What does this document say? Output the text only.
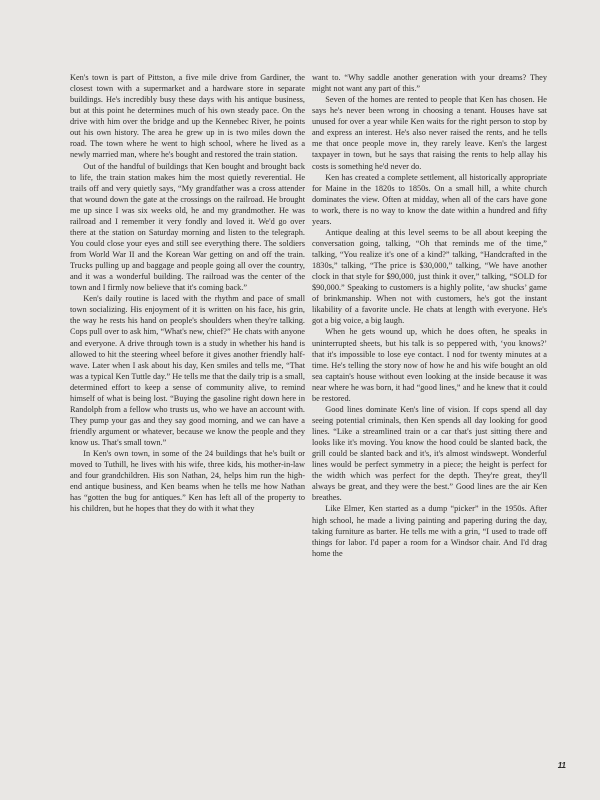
Ken's town is part of Pittston, a five mile drive from Gardiner, the closest town with a supermarket and a hardware store in separate buildings. He's incredibly busy these days with his antique business, but at this point he determines much of his own steady pace. On the drive with him over the bridge and up the Kennebec River, he points out his own history. The area he grew up in is two miles down the road. The town where he went to high school, where he lived as a newly married man, where he's bought and restored the train station.

Out of the handful of buildings that Ken bought and brought back to life, the train station makes him the most quietly reverential. He trails off and very quietly says, “My grandfather was a cross attender that wound down the gate at the crossings on the railroad. He brought me up since I was six weeks old, he and my grandmother. He was railroad and I remember it very fondly and loved it. We'd go over there at the station on Saturday morning and listen to the telegraph. You could close your eyes and still see everything there. The soldiers from World War II and the Korean War getting on and off the train. Trucks pulling up and baggage and people going all over the country, and it was a wonderful building. The railroad was the center of the town and I firmly now believe that it's coming back.”

Ken's daily routine is laced with the rhythm and pace of small town socializing. His enjoyment of it is written on his face, his grin, the way he rests his hand on people's shoulders when they're talking. Cops pull over to ask him, “What's new, chief?” He chats with anyone and everyone. A drive through town is a study in whether his hand is allowed to hit the steering wheel before it gives another friendly half-wave. Later when I ask about his day, Ken smiles and tells me, “That was a typical Ken Tuttle day.” He tells me that the daily trip is a small, determined effort to keep a sense of community alive, to remind himself of what is being lost. “Buying the gasoline right down here in Randolph from a fellow who trusts us, who we have an account with. They pump your gas and they say good morning, and we can have a friendly argument or whatever, because we know the people and they know us. That's small town.”

In Ken's own town, in some of the 24 buildings that he's built or moved to Tuthill, he lives with his wife, three kids, his mother-in-law and four grandchildren. His son Nathan, 24, helps him run the high-end antique business, and Ken beams when he tells me how Nathan has “gotten the bug for antiques.” Ken has left all of the property to his children, but he hopes that they do with it what they

want to. “Why saddle another generation with your dreams? They might not want any part of this.”

Seven of the homes are rented to people that Ken has chosen. He says he's never been wrong in choosing a tenant. Houses have sat unused for over a year while Ken waits for the right person to stop by and express an interest. He's also never raised the rents, and he tells me that once people move in, they rarely leave. Ken's the largest taxpayer in town, but he says that raising the rents to help allay his costs is something he'd never do.

Ken has created a complete settlement, all historically appropriate for Maine in the 1820s to 1850s. On a small hill, a white church dominates the view. Often at midday, when all of the cars have gone to work, there is no way to know the date within a hundred and fifty years.

Antique dealing at this level seems to be all about keeping the conversation going, talking, “Oh that reminds me of the time,” talking, “You realize it's one of a kind?” talking, “Handcrafted in the 1830s,” talking, “The price is $30,000,” talking, “We have another clock in that style for $90,000, just think it over,” talking, “SOLD for $90,000.” Speaking to customers is a highly polite, ‘aw shucks’ game of brinkmanship. When not with customers, he's got the instant likability of a favorite uncle. He chats at length with everyone. He's got a big voice, a big laugh.

When he gets wound up, which he does often, he speaks in uninterrupted sheets, but his talk is so peppered with, ‘you knows?’ that it's impossible to lose eye contact. I nod for twenty minutes at a time. He's telling the story now of how he and his wife bought an old sea captain's house without even looking at the inside because it was near where he was born, it had “good lines,” and he knew that it could be restored.

Good lines dominate Ken's line of vision. If cops spend all day seeing potential criminals, then Ken spends all day looking for good lines. “Like a streamlined train or a car that's just sitting there and looks like it's moving. You know the hood could be slanted back, the grill could be slanted back and it's, it's almost windswept. Wonderful lines would be perfect symmetry in a piece; the height is perfect for the width which was perfect for the depth. They're great, they'll always be great, and they were the best.” Good lines are the air Ken breathes.

Like Elmer, Ken started as a dump “picker” in the 1950s. After high school, he made a living painting and papering during the day, taking furniture as barter. He tells me with a grin, “I used to trade off things for labor. I'd paper a room for a Windsor chair. And I'd drag home the

11
